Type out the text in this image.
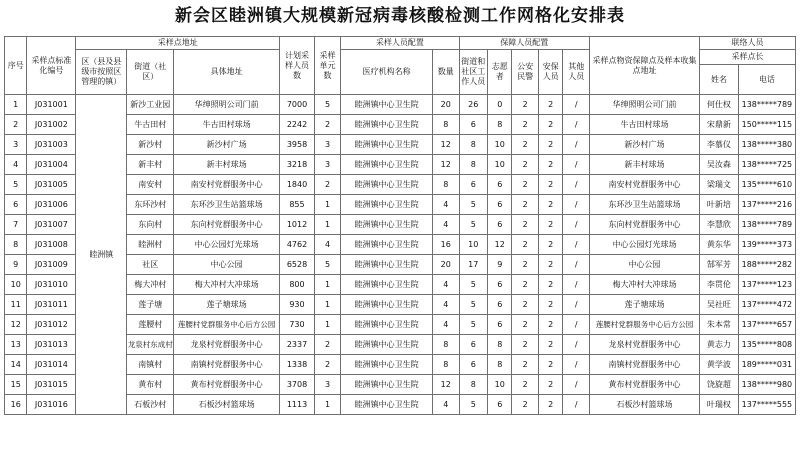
新会区睦洲镇大规模新冠病毒核酸检测工作网格化安排表
序号	采样点标准化编号	采样点地址			计划采样人员数	采样单元数	采样人员配置		保障人员配置					采样点物资保障点及样本收集点地址	联络人员	
		区（县及县级市按照区管理的镇）	街道（社区）	具体地址			医疗机构名称	数量	街道和社区工作人员	志愿者	公安民警	安保人员	其他人员		采样点长
姓名 电话	

1	J031001	睦洲镇	新沙工业园	华绅照明公司门前	7000	5	睦洲镇中心卫生院	20	26	0	2	2	/	华绅照明公司门前	何仕权	138*****789
2	J031002		牛古田村	牛古田村球场	2242	2	睦洲镇中心卫生院	8	6	8	2	2	/	牛古田村球场	宋鼎新	150*****115
3	J031003		新沙村	新沙村广场	3958	3	睦洲镇中心卫生院	12	8	10	2	2	/	新沙村广场	李慕仪	138*****380
4	J031004		新丰村	新丰村球场	3218	3	睦洲镇中心卫生院	12	8	10	2	2	/	新丰村球场	吴汝森	138*****725
5	J031005		南安村	南安村党群服务中心	1840	2	睦洲镇中心卫生院	8	6	6	2	2	/	南安村党群服务中心	梁瑞文	135*****610
6	J031006		东环沙村	东环沙卫生站篮球场	855	1	睦洲镇中心卫生院	4	5	6	2	2	/	东环沙卫生站篮球场	叶新培	137*****216
7	J031007		东向村	东向村党群服务中心	1012	1	睦洲镇中心卫生院	4	5	6	2	2	/	东向村党群服务中心	李慧欣	138*****789
8	J031008		睦洲村	中心公园灯光球场	4762	4	睦洲镇中心卫生院	16	10	12	2	2	/	中心公园灯光球场	黄东华	139*****373
9	J031009		社区	中心公园	6528	5	睦洲镇中心卫生院	20	17	9	2	2	/	中心公园	郜军芳	188*****282
10	J031010		梅大冲村	梅大冲村大冲球场	800	1	睦洲镇中心卫生院	4	5	6	2	2	/	梅大冲村大冲球场	李贯伦	137*****123
11	J031011		莲子塘	莲子塘球场	930	1	睦洲镇中心卫生院	4	5	6	2	2	/	莲子塘球场	吴社旺	137*****472
12	J031012		莲腰村	莲腰村党群服务中心后方公园	730	1	睦洲镇中心卫生院	4	5	6	2	2	/	莲腰村党群服务中心后方公园	朱本常	137*****657
13	J031013		龙泉村东成村	龙泉村党群服务中心	2337	2	睦洲镇中心卫生院	8	6	8	2	2	/	龙泉村党群服务中心	黄志力	135*****808
14	J031014		南镇村	南镇村党群服务中心	1338	2	睦洲镇中心卫生院	8	6	8	2	2	/	南镇村党群服务中心	黄学波	189*****031
15	J031015		黄布村	黄布村党群服务中心	3708	3	睦洲镇中心卫生院	12	8	10	2	2	/	黄布村党群服务中心	饶旋超	138*****980
16	J031016		石板沙村	石板沙村篮球场	1113	1	睦洲镇中心卫生院	4	5	6	2	2	/	石板沙村篮球场	叶瑞权	137*****555
